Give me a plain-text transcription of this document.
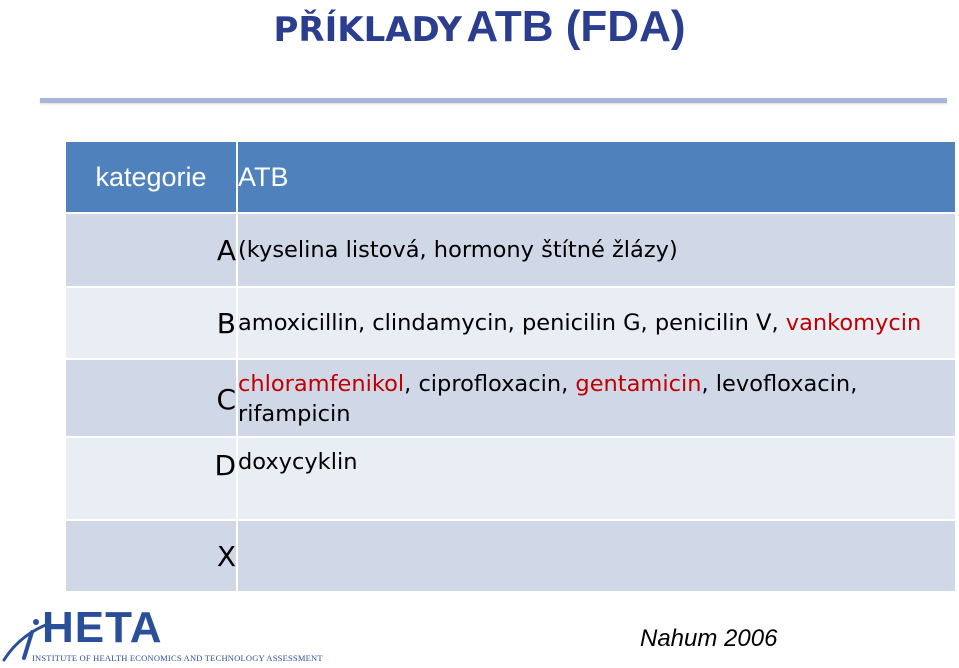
PŘÍKLADY ATB (FDA)
kategorie	ATB
A	(kyselina listová, hormony štítné žlázy)
B	amoxicillin, clindamycin, penicilin G, penicilin V, vankomycin
C	chloramfenikol, ciprofloxacin, gentamicin, levofloxacin,
rifampicin
D	doxycyklin
X	
HETA
INSTITUTE OF HEALTH ECONOMICS AND TECHNOLOGY ASSESSMENT
Nahum 2006
